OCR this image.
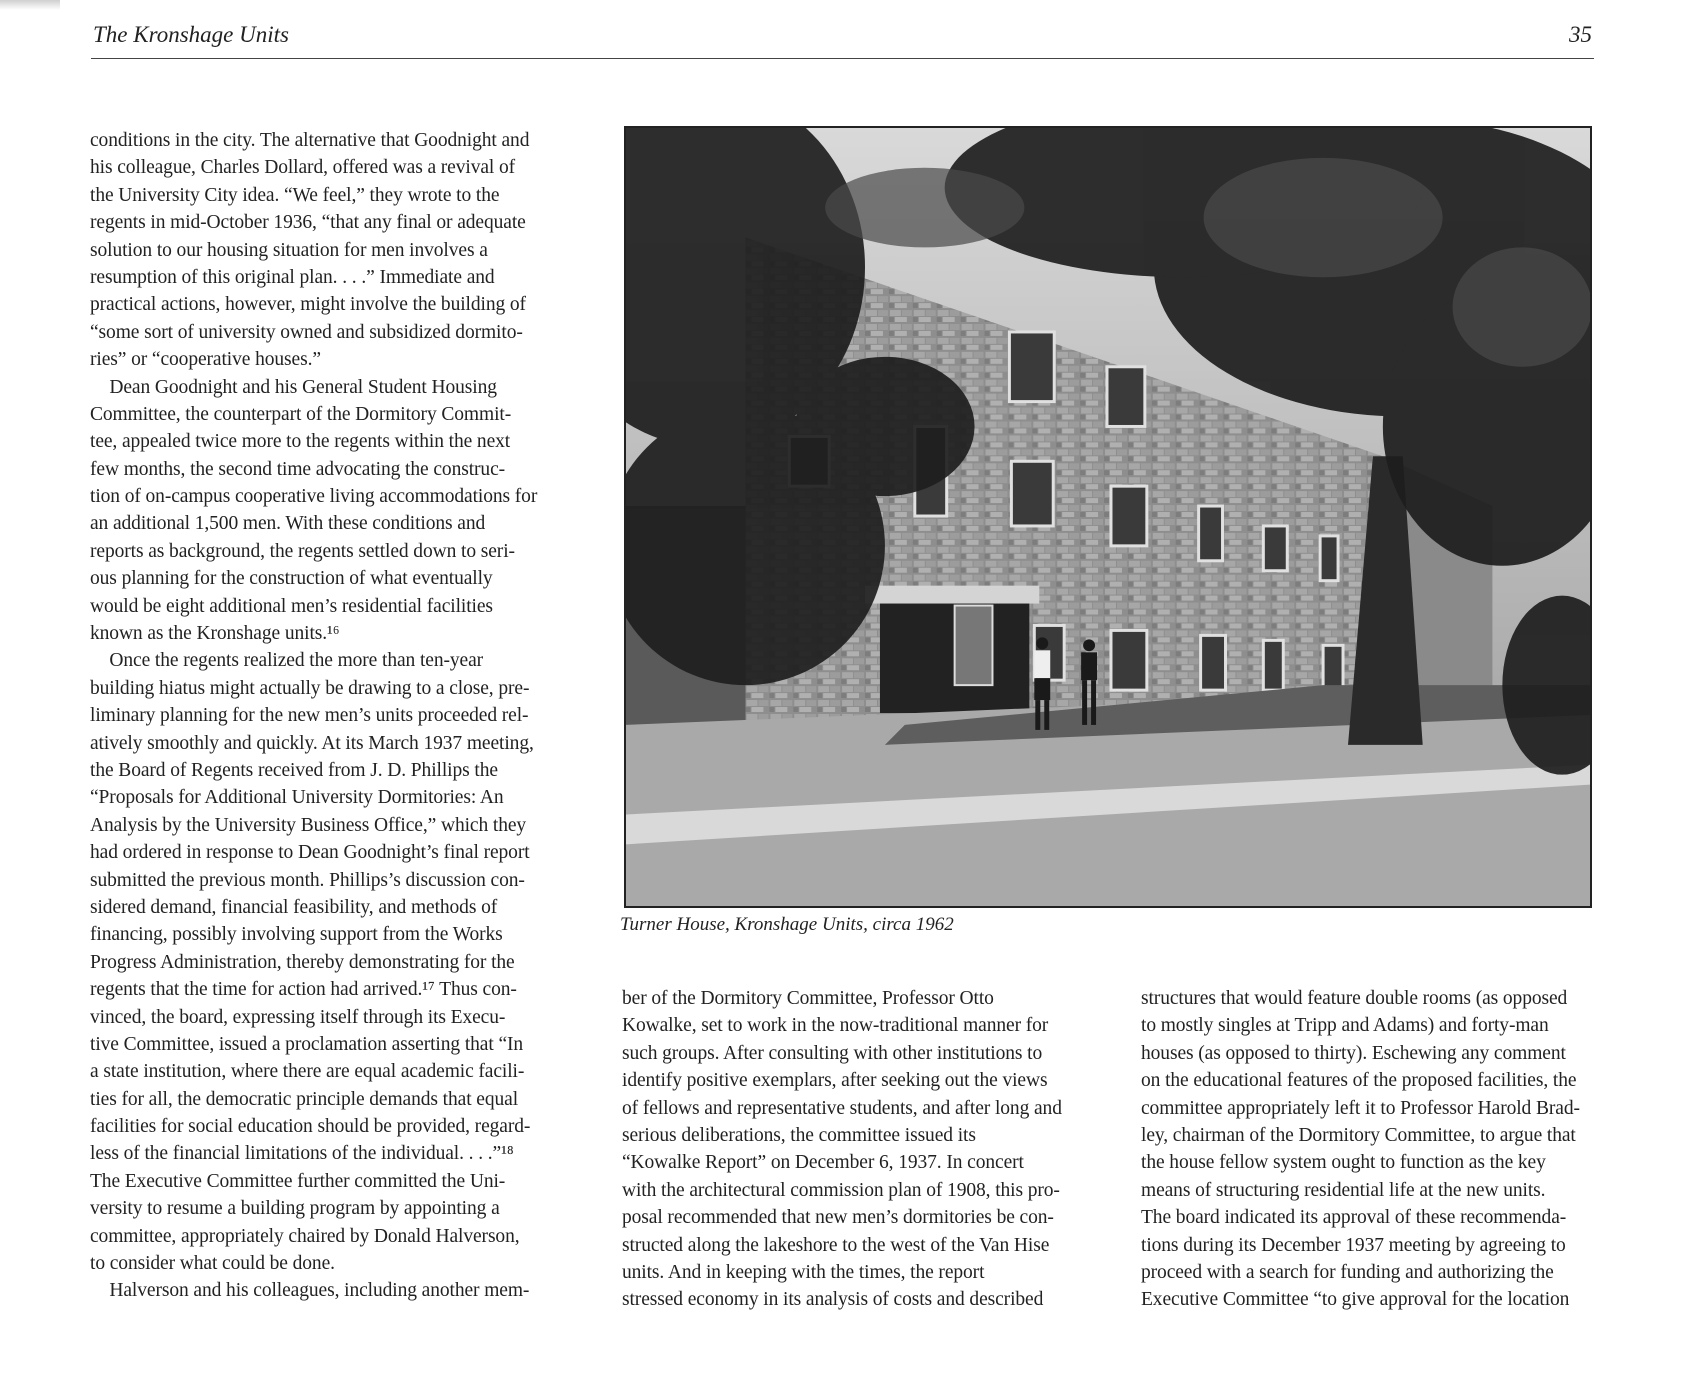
The Kronshage Units	35
conditions in the city. The alternative that Goodnight and
his colleague, Charles Dollard, offered was a revival of
the University City idea. “We feel,” they wrote to the
regents in mid-October 1936, “that any final or adequate
solution to our housing situation for men involves a
resumption of this original plan. . . .” Immediate and
practical actions, however, might involve the building of
“some sort of university owned and subsidized dormito-
ries” or “cooperative houses.”
 Dean Goodnight and his General Student Housing
Committee, the counterpart of the Dormitory Commit-
tee, appealed twice more to the regents within the next
few months, the second time advocating the construc-
tion of on-campus cooperative living accommodations for
an additional 1,500 men. With these conditions and
reports as background, the regents settled down to seri-
ous planning for the construction of what eventually
would be eight additional men’s residential facilities
known as the Kronshage units.¹⁶
 Once the regents realized the more than ten-year
building hiatus might actually be drawing to a close, pre-
liminary planning for the new men’s units proceeded rel-
atively smoothly and quickly. At its March 1937 meeting,
the Board of Regents received from J. D. Phillips the
“Proposals for Additional University Dormitories: An
Analysis by the University Business Office,” which they
had ordered in response to Dean Goodnight’s final report
submitted the previous month. Phillips’s discussion con-
sidered demand, financial feasibility, and methods of
financing, possibly involving support from the Works
Progress Administration, thereby demonstrating for the
regents that the time for action had arrived.¹⁷ Thus con-
vinced, the board, expressing itself through its Execu-
tive Committee, issued a proclamation asserting that “In
a state institution, where there are equal academic facili-
ties for all, the democratic principle demands that equal
facilities for social education should be provided, regard-
less of the financial limitations of the individual. . . .”¹⁸
The Executive Committee further committed the Uni-
versity to resume a building program by appointing a
committee, appropriately chaired by Donald Halverson,
to consider what could be done.
 Halverson and his colleagues, including another mem-
Turner House, Kronshage Units, circa 1962
ber of the Dormitory Committee, Professor Otto
Kowalke, set to work in the now-traditional manner for
such groups. After consulting with other institutions to
identify positive exemplars, after seeking out the views
of fellows and representative students, and after long and
serious deliberations, the committee issued its
“Kowalke Report” on December 6, 1937. In concert
with the architectural commission plan of 1908, this pro-
posal recommended that new men’s dormitories be con-
structed along the lakeshore to the west of the Van Hise
units. And in keeping with the times, the report
stressed economy in its analysis of costs and described
structures that would feature double rooms (as opposed
to mostly singles at Tripp and Adams) and forty-man
houses (as opposed to thirty). Eschewing any comment
on the educational features of the proposed facilities, the
committee appropriately left it to Professor Harold Brad-
ley, chairman of the Dormitory Committee, to argue that
the house fellow system ought to function as the key
means of structuring residential life at the new units.
The board indicated its approval of these recommenda-
tions during its December 1937 meeting by agreeing to
proceed with a search for funding and authorizing the
Executive Committee “to give approval for the location
